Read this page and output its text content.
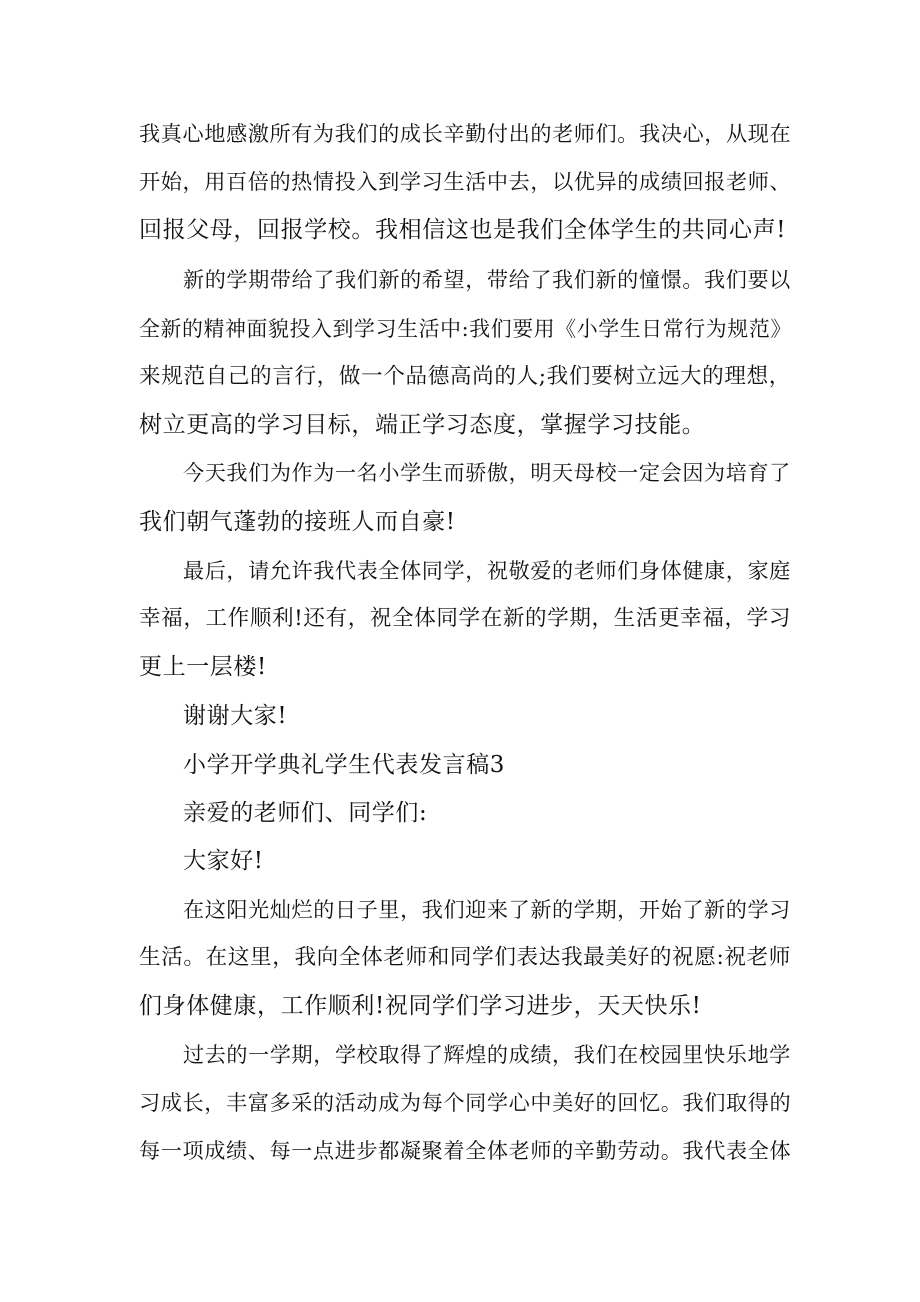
我真心地感激所有为我们的成长辛勤付出的老师们。我决心，从现在
开始，用百倍的热情投入到学习生活中去，以优异的成绩回报老师、
回报父母，回报学校。我相信这也是我们全体学生的共同心声!
新的学期带给了我们新的希望，带给了我们新的憧憬。我们要以
全新的精神面貌投入到学习生活中:我们要用《小学生日常行为规范》
来规范自己的言行，做一个品德高尚的人;我们要树立远大的理想，
树立更高的学习目标，端正学习态度，掌握学习技能。
今天我们为作为一名小学生而骄傲，明天母校一定会因为培育了
我们朝气蓬勃的接班人而自豪!
最后，请允许我代表全体同学，祝敬爱的老师们身体健康，家庭
幸福，工作顺利!还有，祝全体同学在新的学期，生活更幸福，学习
更上一层楼!
谢谢大家!
小学开学典礼学生代表发言稿3
亲爱的老师们、同学们:
大家好!
在这阳光灿烂的日子里，我们迎来了新的学期，开始了新的学习
生活。在这里，我向全体老师和同学们表达我最美好的祝愿:祝老师
们身体健康，工作顺利!祝同学们学习进步，天天快乐!
过去的一学期，学校取得了辉煌的成绩，我们在校园里快乐地学
习成长，丰富多采的活动成为每个同学心中美好的回忆。我们取得的
每一项成绩、每一点进步都凝聚着全体老师的辛勤劳动。我代表全体
